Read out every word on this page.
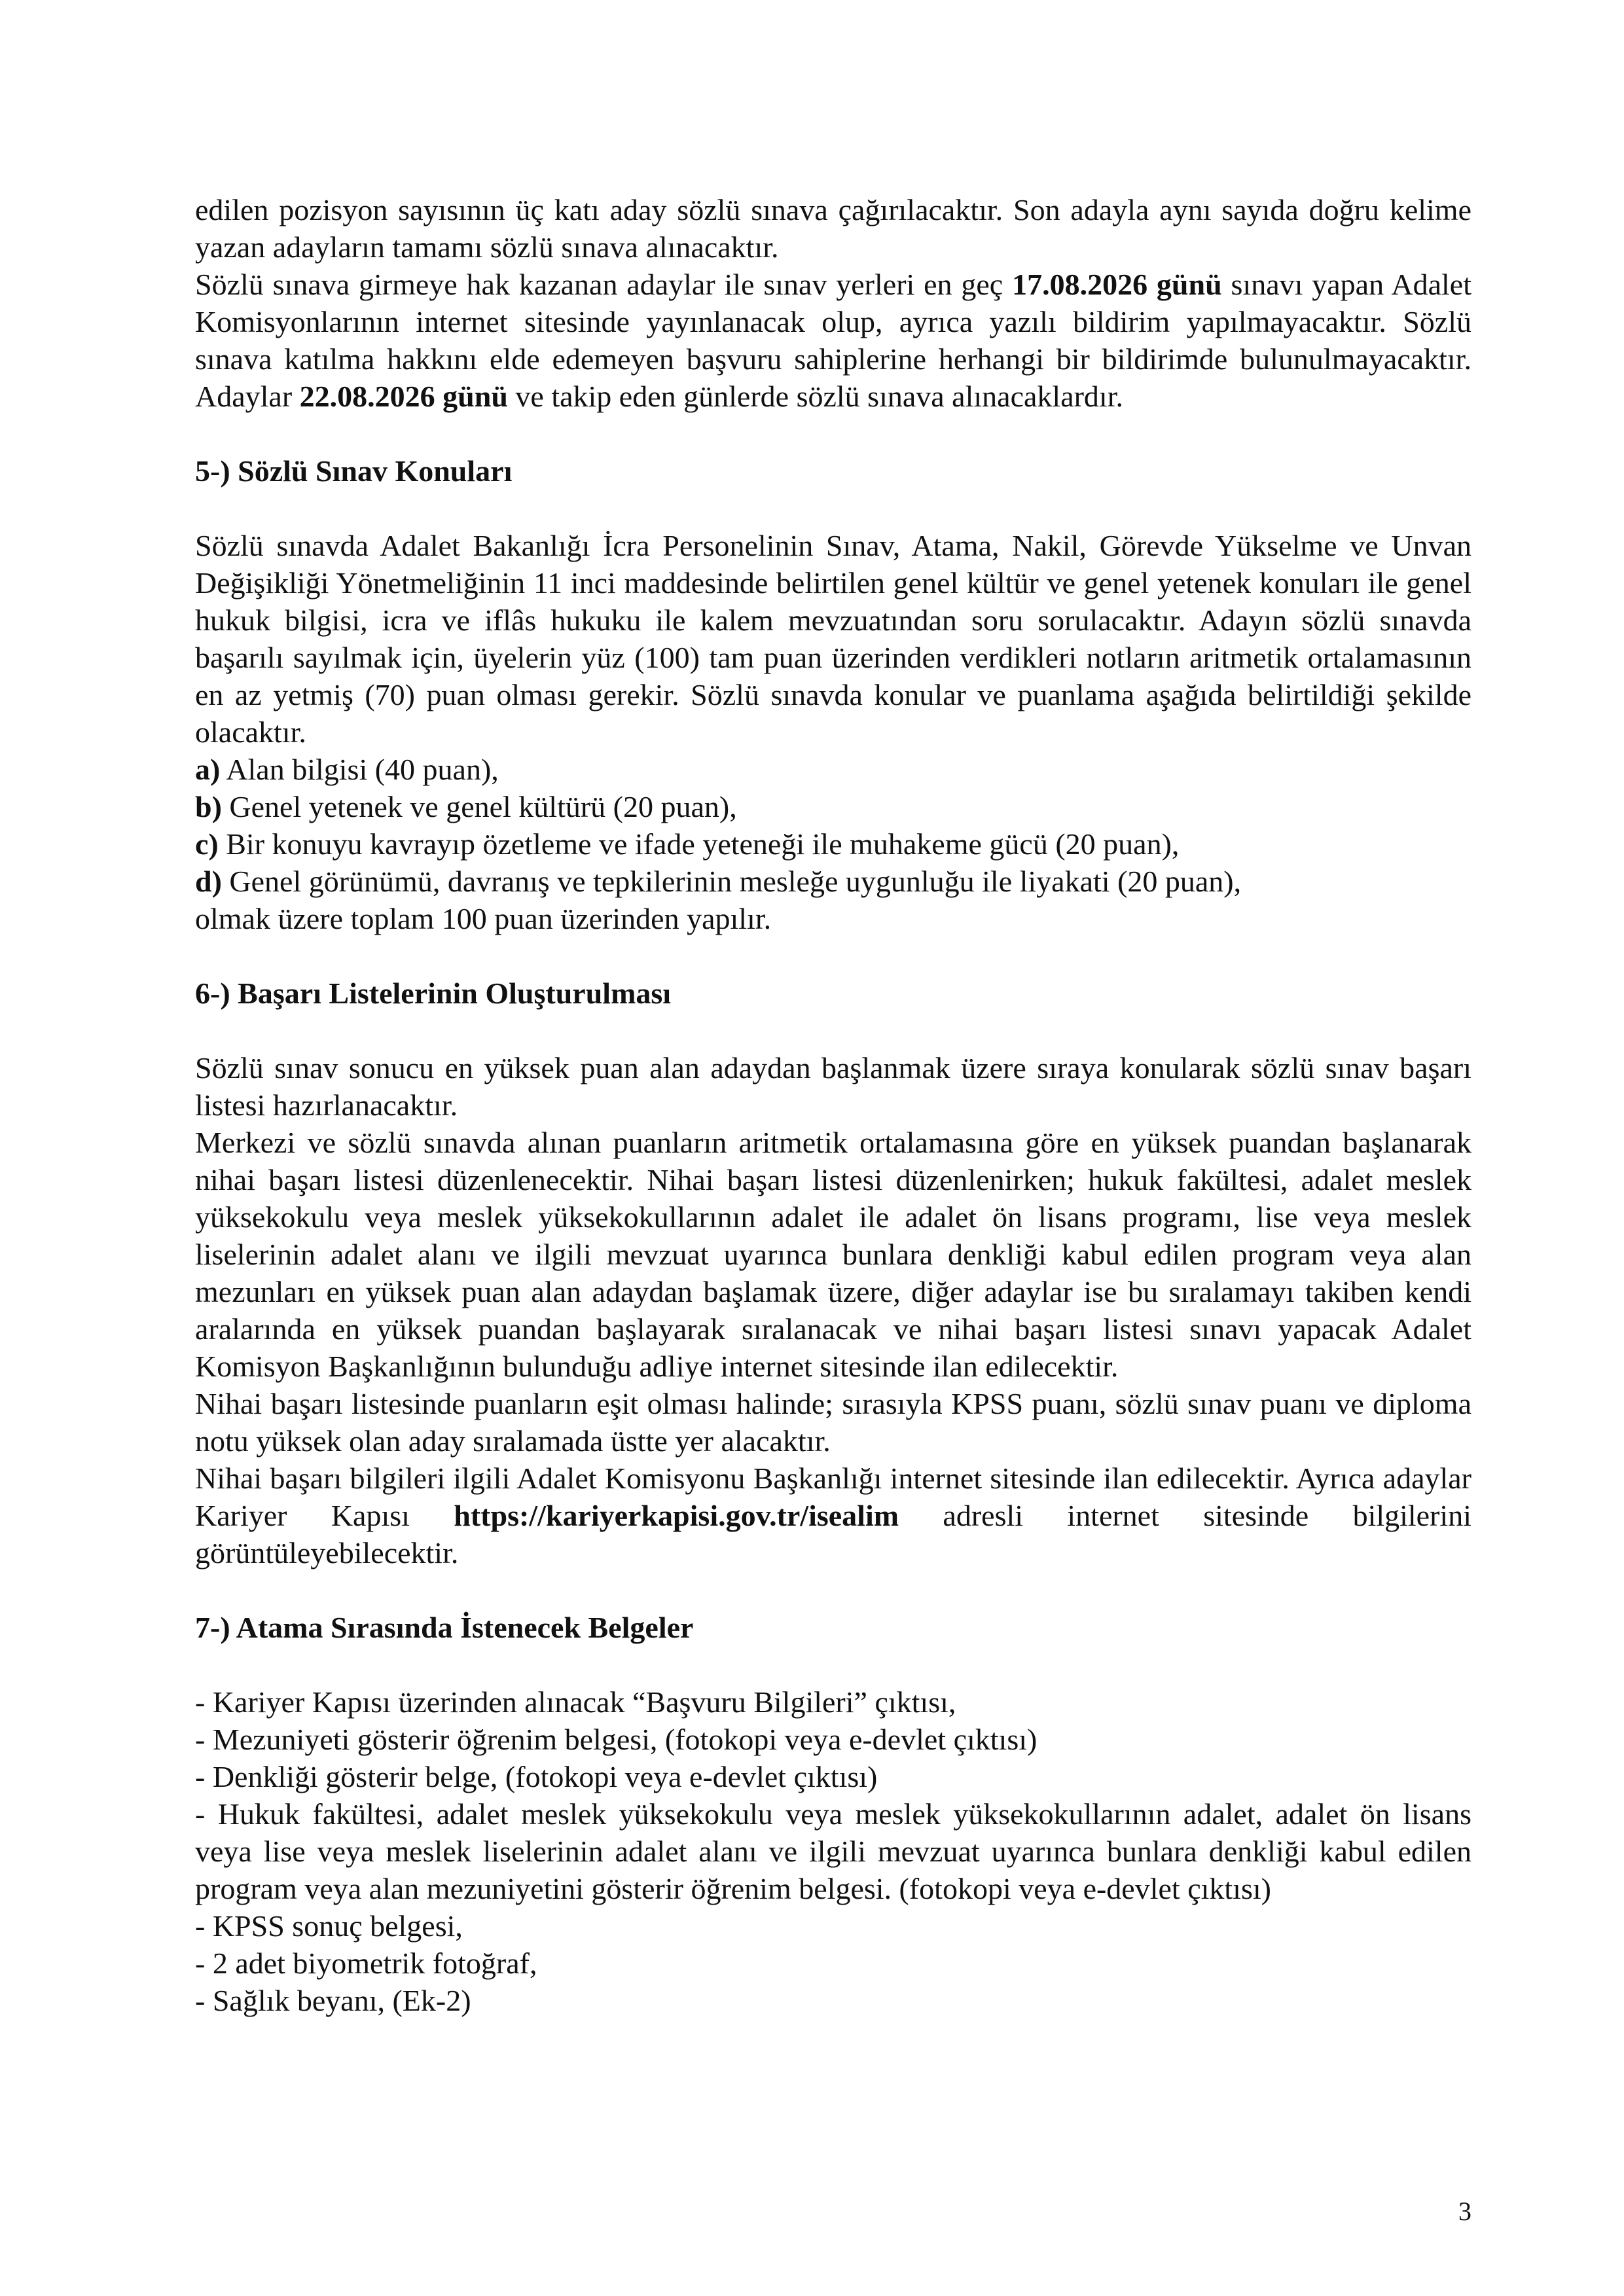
edilen pozisyon sayısının üç katı aday sözlü sınava çağırılacaktır. Son adayla aynı sayıda doğru kelime yazan adayların tamamı sözlü sınava alınacaktır.

Sözlü sınava girmeye hak kazanan adaylar ile sınav yerleri en geç 17.08.2026 günü sınavı yapan Adalet Komisyonlarının internet sitesinde yayınlanacak olup, ayrıca yazılı bildirim yapılmayacaktır. Sözlü sınava katılma hakkını elde edemeyen başvuru sahiplerine herhangi bir bildirimde bulunulmayacaktır. Adaylar 22.08.2026 günü ve takip eden günlerde sözlü sınava alınacaklardır.

5-) Sözlü Sınav Konuları

Sözlü sınavda Adalet Bakanlığı İcra Personelinin Sınav, Atama, Nakil, Görevde Yükselme ve Unvan Değişikliği Yönetmeliğinin 11 inci maddesinde belirtilen genel kültür ve genel yetenek konuları ile genel hukuk bilgisi, icra ve iflâs hukuku ile kalem mevzuatından soru sorulacaktır. Adayın sözlü sınavda başarılı sayılmak için, üyelerin yüz (100) tam puan üzerinden verdikleri notların aritmetik ortalamasının en az yetmiş (70) puan olması gerekir. Sözlü sınavda konular ve puanlama aşağıda belirtildiği şekilde olacaktır.

a) Alan bilgisi (40 puan),

b) Genel yetenek ve genel kültürü (20 puan),

c) Bir konuyu kavrayıp özetleme ve ifade yeteneği ile muhakeme gücü (20 puan),

d) Genel görünümü, davranış ve tepkilerinin mesleğe uygunluğu ile liyakati (20 puan),

olmak üzere toplam 100 puan üzerinden yapılır.

6-) Başarı Listelerinin Oluşturulması

Sözlü sınav sonucu en yüksek puan alan adaydan başlanmak üzere sıraya konularak sözlü sınav başarı listesi hazırlanacaktır.

Merkezi ve sözlü sınavda alınan puanların aritmetik ortalamasına göre en yüksek puandan başlanarak nihai başarı listesi düzenlenecektir. Nihai başarı listesi düzenlenirken; hukuk fakültesi, adalet meslek yüksekokulu veya meslek yüksekokullarının adalet ile adalet ön lisans programı, lise veya meslek liselerinin adalet alanı ve ilgili mevzuat uyarınca bunlara denkliği kabul edilen program veya alan mezunları en yüksek puan alan adaydan başlamak üzere, diğer adaylar ise bu sıralamayı takiben kendi aralarında en yüksek puandan başlayarak sıralanacak ve nihai başarı listesi sınavı yapacak Adalet Komisyon Başkanlığının bulunduğu adliye internet sitesinde ilan edilecektir.

Nihai başarı listesinde puanların eşit olması halinde; sırasıyla KPSS puanı, sözlü sınav puanı ve diploma notu yüksek olan aday sıralamada üstte yer alacaktır.

Nihai başarı bilgileri ilgili Adalet Komisyonu Başkanlığı internet sitesinde ilan edilecektir. Ayrıca adaylar Kariyer Kapısı https://kariyerkapisi.gov.tr/isealim adresli internet sitesinde bilgilerini görüntüleyebilecektir.

7-) Atama Sırasında İstenecek Belgeler

- Kariyer Kapısı üzerinden alınacak “Başvuru Bilgileri” çıktısı,

- Mezuniyeti gösterir öğrenim belgesi, (fotokopi veya e-devlet çıktısı)

- Denkliği gösterir belge, (fotokopi veya e-devlet çıktısı)

- Hukuk fakültesi, adalet meslek yüksekokulu veya meslek yüksekokullarının adalet, adalet ön lisans veya lise veya meslek liselerinin adalet alanı ve ilgili mevzuat uyarınca bunlara denkliği kabul edilen program veya alan mezuniyetini gösterir öğrenim belgesi. (fotokopi veya e-devlet çıktısı)

- KPSS sonuç belgesi,

- 2 adet biyometrik fotoğraf,

- Sağlık beyanı, (Ek-2)

3
